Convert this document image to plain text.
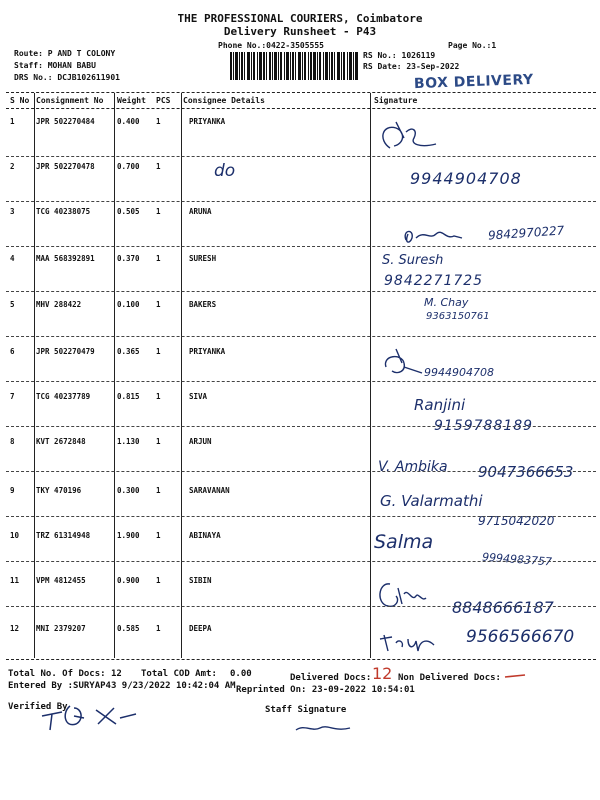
THE PROFESSIONAL COURIERS, Coimbatore
Delivery Runsheet - P43
Phone No.:0422-3505555	Page No.:1
Route: P AND T COLONY
Staff: MOHAN BABU
DRS No.: DCJB102611901
RS No.: 1026119
RS Date: 23-Sep-2022
BOX DELIVERY
S No Consignment No Weight PCS Consignee Details	Signature
1	JPR 502270484	0.400 1	PRIYANKA
2	JPR 502270478	0.700 1	do	9944904708
3	TCG 40238075	0.505 1	ARUNA
9842970227
4	MAA 568392891	0.370 1	SURESH	S. Suresh
9842271725
5	MHV 288422	0.100 1	BAKERS	M. Chay
9363150761
6	JPR 502270479	0.365 1	PRIYANKA
9944904708
7	TCG 40237789	0.815 1	SIVA	Ranjini
9159788189
8	KVT 2672848	1.130 1	ARJUN
V. Ambika 9047366653
9	TKY 470196	0.300 1	SARAVANAN
G. Valarmathi
9715042020
10 TRZ 61314948	1.900 1	ABINAYA	Salma
9994983757
11 VPM 4812455	0.900 1	SIBIN
8848666187
12 MNI 2379207	0.585 1	DEEPA	9566566670
Total No. Of Docs: 12 Total COD Amt: 0.00	Delivered Docs: 12 Non Delivered Docs:
Entered By :SURYAP43 9/23/2022 10:42:04 AM Reprinted On: 23-09-2022 10:54:01
Verified By	Staff Signature
